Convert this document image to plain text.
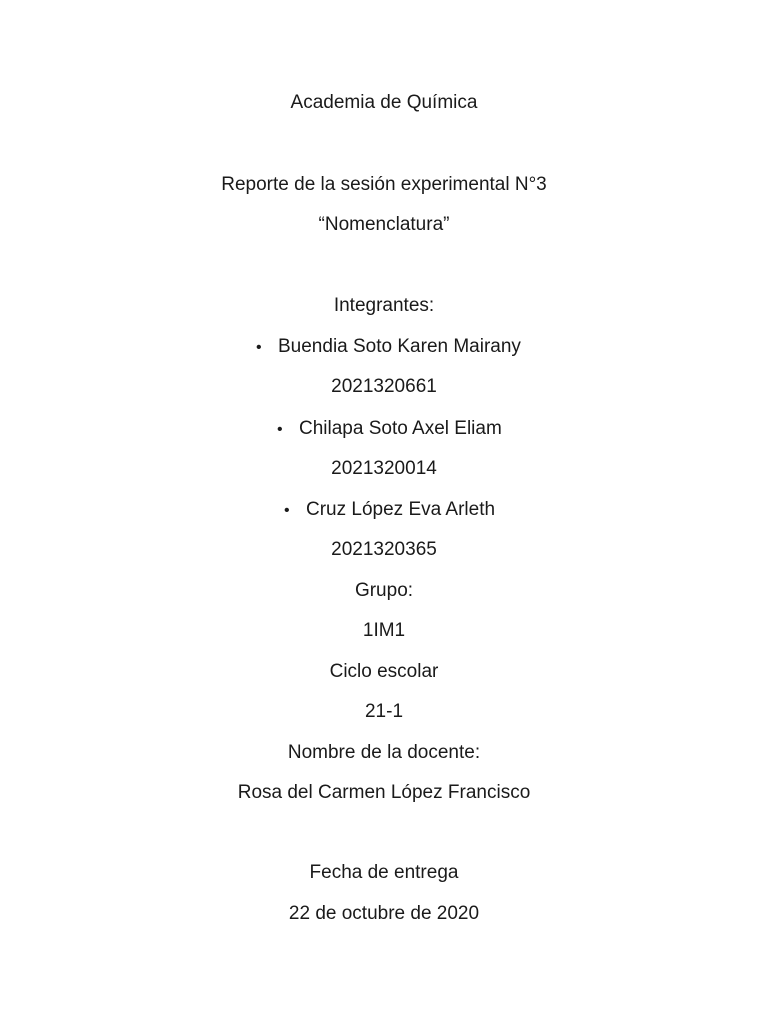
Academia de Química
Reporte de la sesión experimental N°3
“Nomenclatura”
Integrantes:
• Buendia Soto Karen Mairany
2021320661
• Chilapa Soto Axel Eliam
2021320014
• Cruz López Eva Arleth
2021320365
Grupo:
1IM1
Ciclo escolar
21-1
Nombre de la docente:
Rosa del Carmen López Francisco
Fecha de entrega
22 de octubre de 2020
